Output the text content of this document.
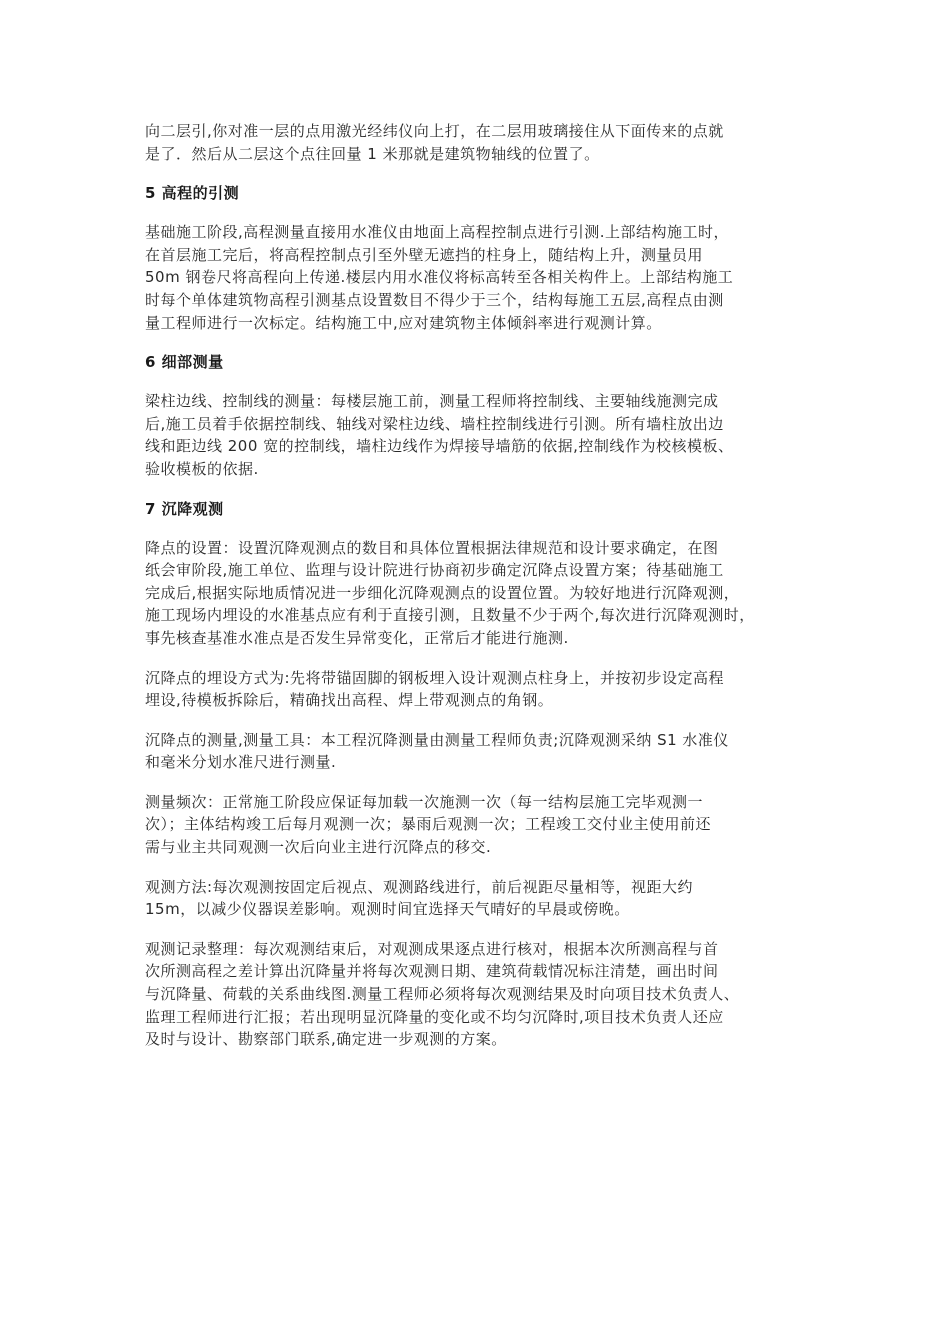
向二层引,你对准一层的点用激光经纬仪向上打，在二层用玻璃接住从下面传来的点就
是了．然后从二层这个点往回量 1 米那就是建筑物轴线的位置了。

5 高程的引测

基础施工阶段,高程测量直接用水准仪由地面上高程控制点进行引测.上部结构施工时，
在首层施工完后，将高程控制点引至外壁无遮挡的柱身上，随结构上升，测量员用
50m 钢卷尺将高程向上传递.楼层内用水准仪将标高转至各相关构件上。上部结构施工
时每个单体建筑物高程引测基点设置数目不得少于三个，结构每施工五层,高程点由测
量工程师进行一次标定。结构施工中,应对建筑物主体倾斜率进行观测计算。

6 细部测量

梁柱边线、控制线的测量：每楼层施工前，测量工程师将控制线、主要轴线施测完成
后,施工员着手依据控制线、轴线对梁柱边线、墙柱控制线进行引测。所有墙柱放出边
线和距边线 200 宽的控制线，墙柱边线作为焊接导墙筋的依据,控制线作为校核模板、
验收模板的依据.

7 沉降观测

降点的设置：设置沉降观测点的数目和具体位置根据法律规范和设计要求确定，在图
纸会审阶段,施工单位、监理与设计院进行协商初步确定沉降点设置方案；待基础施工
完成后,根据实际地质情况进一步细化沉降观测点的设置位置。为较好地进行沉降观测，
施工现场内埋设的水准基点应有利于直接引测，且数量不少于两个,每次进行沉降观测时，
事先核查基准水准点是否发生异常变化，正常后才能进行施测.

沉降点的埋设方式为:先将带锚固脚的钢板埋入设计观测点柱身上，并按初步设定高程
埋设,待模板拆除后，精确找出高程、焊上带观测点的角钢。

沉降点的测量,测量工具：本工程沉降测量由测量工程师负责;沉降观测采纳 S1 水准仪
和毫米分划水准尺进行测量.

测量频次：正常施工阶段应保证每加载一次施测一次（每一结构层施工完毕观测一
次）；主体结构竣工后每月观测一次；暴雨后观测一次；工程竣工交付业主使用前还
需与业主共同观测一次后向业主进行沉降点的移交.

观测方法:每次观测按固定后视点、观测路线进行，前后视距尽量相等，视距大约
15m，以减少仪器误差影响。观测时间宜选择天气晴好的早晨或傍晚。

观测记录整理：每次观测结束后，对观测成果逐点进行核对，根据本次所测高程与首
次所测高程之差计算出沉降量并将每次观测日期、建筑荷载情况标注清楚，画出时间
与沉降量、荷载的关系曲线图.测量工程师必须将每次观测结果及时向项目技术负责人、
监理工程师进行汇报；若出现明显沉降量的变化或不均匀沉降时,项目技术负责人还应
及时与设计、勘察部门联系,确定进一步观测的方案。
